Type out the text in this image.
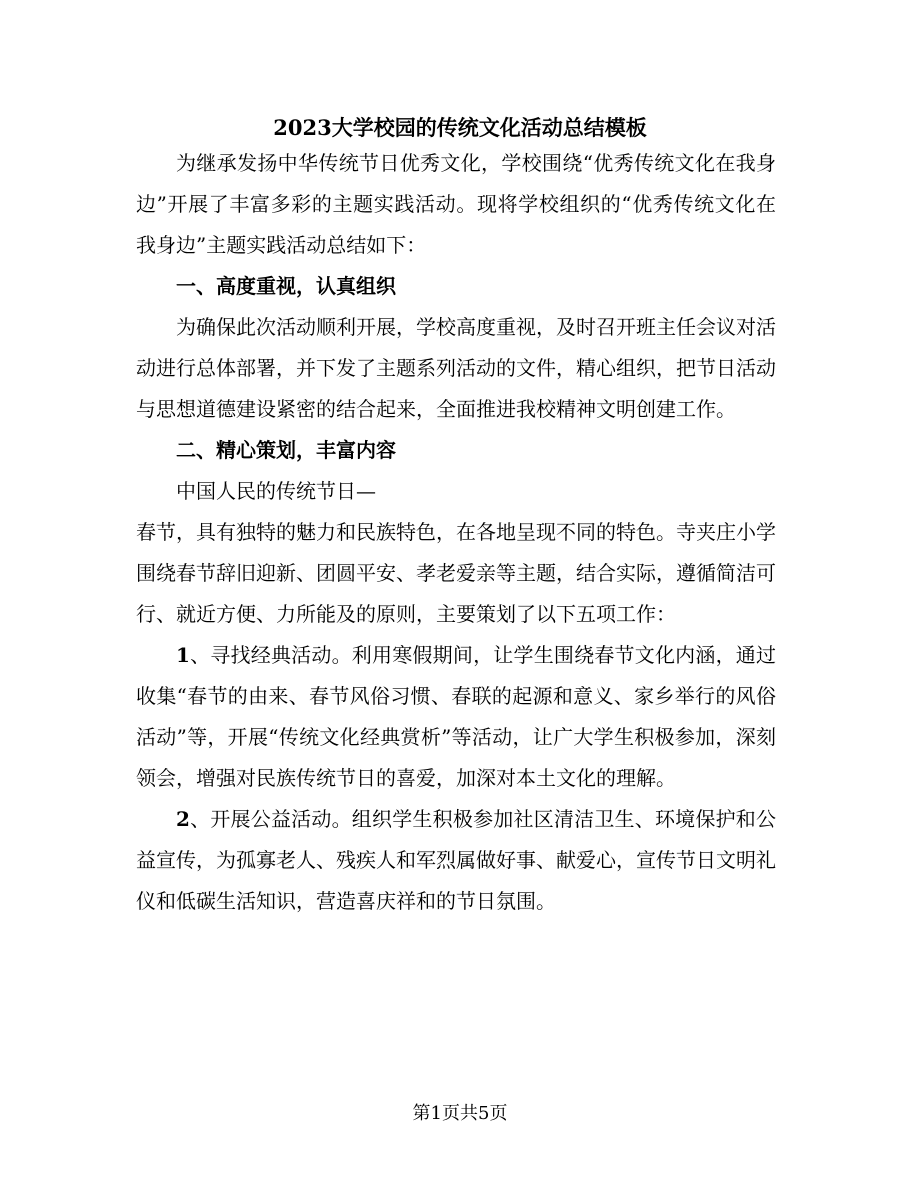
2023大学校园的传统文化活动总结模板

为继承发扬中华传统节日优秀文化，学校围绕“优秀传统文化在我身边”开展了丰富多彩的主题实践活动。现将学校组织的“优秀传统文化在我身边”主题实践活动总结如下：

一、高度重视，认真组织

为确保此次活动顺利开展，学校高度重视，及时召开班主任会议对活动进行总体部署，并下发了主题系列活动的文件，精心组织，把节日活动与思想道德建设紧密的结合起来，全面推进我校精神文明创建工作。

二、精心策划，丰富内容

中国人民的传统节日—

春节，具有独特的魅力和民族特色，在各地呈现不同的特色。寺夹庄小学围绕春节辞旧迎新、团圆平安、孝老爱亲等主题，结合实际，遵循简洁可行、就近方便、力所能及的原则，主要策划了以下五项工作：

1、寻找经典活动。利用寒假期间，让学生围绕春节文化内涵，通过收集“春节的由来、春节风俗习惯、春联的起源和意义、家乡举行的风俗活动”等，开展“传统文化经典赏析”等活动，让广大学生积极参加，深刻领会，增强对民族传统节日的喜爱，加深对本土文化的理解。

2、开展公益活动。组织学生积极参加社区清洁卫生、环境保护和公益宣传，为孤寡老人、残疾人和军烈属做好事、献爱心，宣传节日文明礼仪和低碳生活知识，营造喜庆祥和的节日氛围。

第1页共5页
